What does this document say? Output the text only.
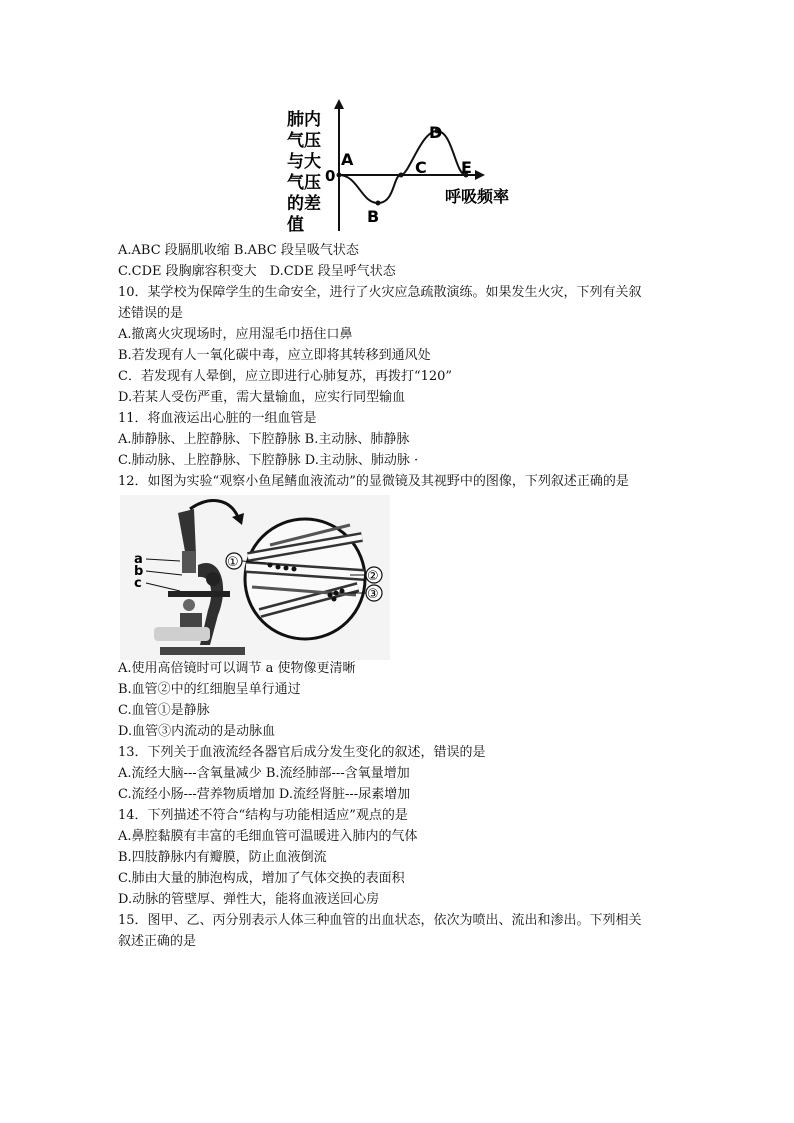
肺内
气压
与大
气压
的差
值
0
A
B
C
D
E
呼吸频率
a
b
c
①
②
③
A.ABC 段膈肌收缩 B.ABC 段呈吸气状态
C.CDE 段胸廓容积变大　D.CDE 段呈呼气状态
10．某学校为保障学生的生命安全，进行了火灾应急疏散演练。如果发生火灾，下列有关叙
述错误的是
A.撤离火灾现场时，应用湿毛巾捂住口鼻
B.若发现有人一氧化碳中毒，应立即将其转移到通风处
C．若发现有人晕倒，应立即进行心肺复苏，再拨打“120”
D.若某人受伤严重，需大量输血，应实行同型输血
11．将血液运出心脏的一组血管是
A.肺静脉、上腔静脉、下腔静脉 B.主动脉、肺静脉
C.肺动脉、上腔静脉、下腔静脉 D.主动脉、肺动脉 ·
12．如图为实验“观察小鱼尾鳍血液流动”的显微镜及其视野中的图像，下列叙述正确的是
A.使用高倍镜时可以调节 a 使物像更清晰
B.血管②中的红细胞呈单行通过
C.血管①是静脉
D.血管③内流动的是动脉血
13．下列关于血液流经各器官后成分发生变化的叙述，错误的是
A.流经大脑---含氧量减少 B.流经肺部---含氧量增加
C.流经小肠---营养物质增加 D.流经肾脏---尿素增加
14．下列描述不符合“结构与功能相适应”观点的是
A.鼻腔黏膜有丰富的毛细血管可温暖进入肺内的气体
B.四肢静脉内有瓣膜，防止血液倒流
C.肺由大量的肺泡构成，增加了气体交换的表面积
D.动脉的管壁厚、弹性大，能将血液送回心房
15．图甲、乙、丙分别表示人体三种血管的出血状态，依次为喷出、流出和渗出。下列相关
叙述正确的是
